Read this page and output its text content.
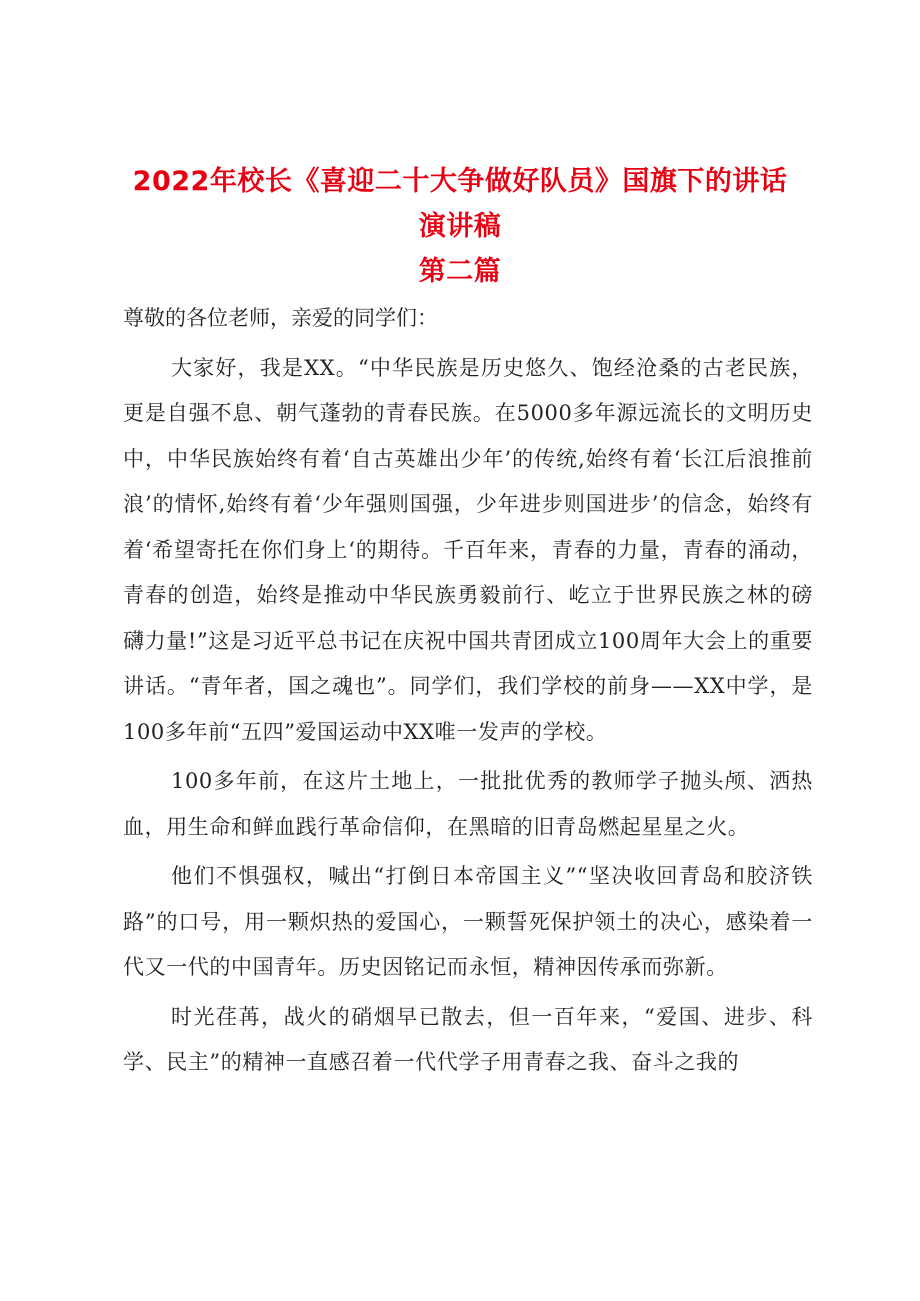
2022年校长《喜迎二十大争做好队员》国旗下的讲话
演讲稿
第二篇

尊敬的各位老师，亲爱的同学们：

大家好，我是XX。“中华民族是历史悠久、饱经沧桑的古老民族，更是自强不息、朝气蓬勃的青春民族。在5000多年源远流长的文明历史中，中华民族始终有着‘自古英雄出少年’的传统,始终有着‘长江后浪推前浪’的情怀,始终有着‘少年强则国强，少年进步则国进步’的信念，始终有着‘希望寄托在你们身上‘的期待。千百年来，青春的力量，青春的涌动，青春的创造，始终是推动中华民族勇毅前行、屹立于世界民族之林的磅礴力量!”这是习近平总书记在庆祝中国共青团成立100周年大会上的重要讲话。“青年者，国之魂也”。同学们，我们学校的前身——XX中学，是100多年前“五四”爱国运动中XX唯一发声的学校。

100多年前，在这片土地上，一批批优秀的教师学子抛头颅、洒热血，用生命和鲜血践行革命信仰，在黑暗的旧青岛燃起星星之火。

他们不惧强权，喊出“打倒日本帝国主义”“坚决收回青岛和胶济铁路”的口号，用一颗炽热的爱国心，一颗誓死保护领土的决心，感染着一代又一代的中国青年。历史因铭记而永恒，精神因传承而弥新。

时光荏苒，战火的硝烟早已散去，但一百年来，“爱国、进步、科学、民主”的精神一直感召着一代代学子用青春之我、奋斗之我的
